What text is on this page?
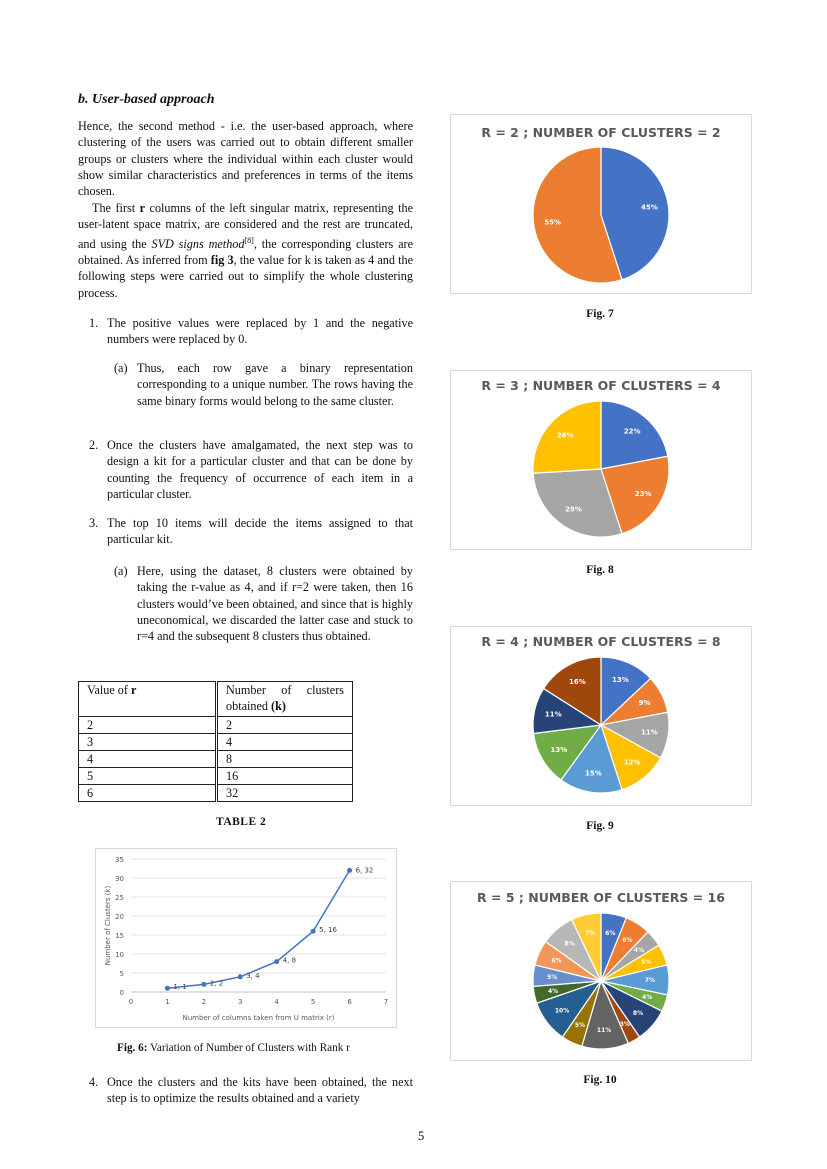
b. User-based approach

Hence, the second method - i.e. the user-based approach, where clustering of the users was carried out to obtain different smaller groups or clusters where the individual within each cluster would show similar characteristics and preferences in terms of the items chosen.

The first r columns of the left singular matrix, representing the user-latent space matrix, are considered and the rest are truncated, and using the SVD signs method[8], the corresponding clusters are obtained. As inferred from fig 3, the value for k is taken as 4 and the following steps were carried out to simplify the whole clustering process.

1. The positive values were replaced by 1 and the negative numbers were replaced by 0.
(a) Thus, each row gave a binary representation corresponding to a unique number. The rows having the same binary forms would belong to the same cluster.
2. Once the clusters have amalgamated, the next step was to design a kit for a particular cluster and that can be done by counting the frequency of occurrence of each item in a particular cluster.
3. The top 10 items will decide the items assigned to that particular kit.
(a) Here, using the dataset, 8 clusters were obtained by taking the r-value as 4, and if r=2 were taken, then 16 clusters would’ve been obtained, and since that is highly uneconomical, we discarded the latter case and stuck to r=4 and the subsequent 8 clusters thus obtained.
Value of r	Number of clusters obtained (k)
2	2
3	4
4	8
5	16
6	32
TABLE 2
0
5
10
15
20
25
30
35
0	1	2	3	4	5	6	7
Number of columns taken from U matrix (r)
Number of Clusters (k)
1, 1	2, 2
3, 4
4, 8
5, 16
6, 32
Fig. 6: Variation of Number of Clusters with Rank r
4. Once the clusters and the kits have been obtained, the next step is to optimize the results obtained and a variety
R = 2 ; NUMBER OF CLUSTERS = 2
45%
55%
Fig. 7
R = 3 ; NUMBER OF CLUSTERS = 4
22%
23%
29%
26%
Fig. 8
R = 4 ; NUMBER OF CLUSTERS = 8
13%
9%
11%
12%
15%
13%
11%
16%
Fig. 9
R = 5 ; NUMBER OF CLUSTERS = 16
6%
6%
4%
5%
7%
4%
8%
3%
11%
5%
10%
4%
5%
6%
8%
7%
Fig. 10
5
